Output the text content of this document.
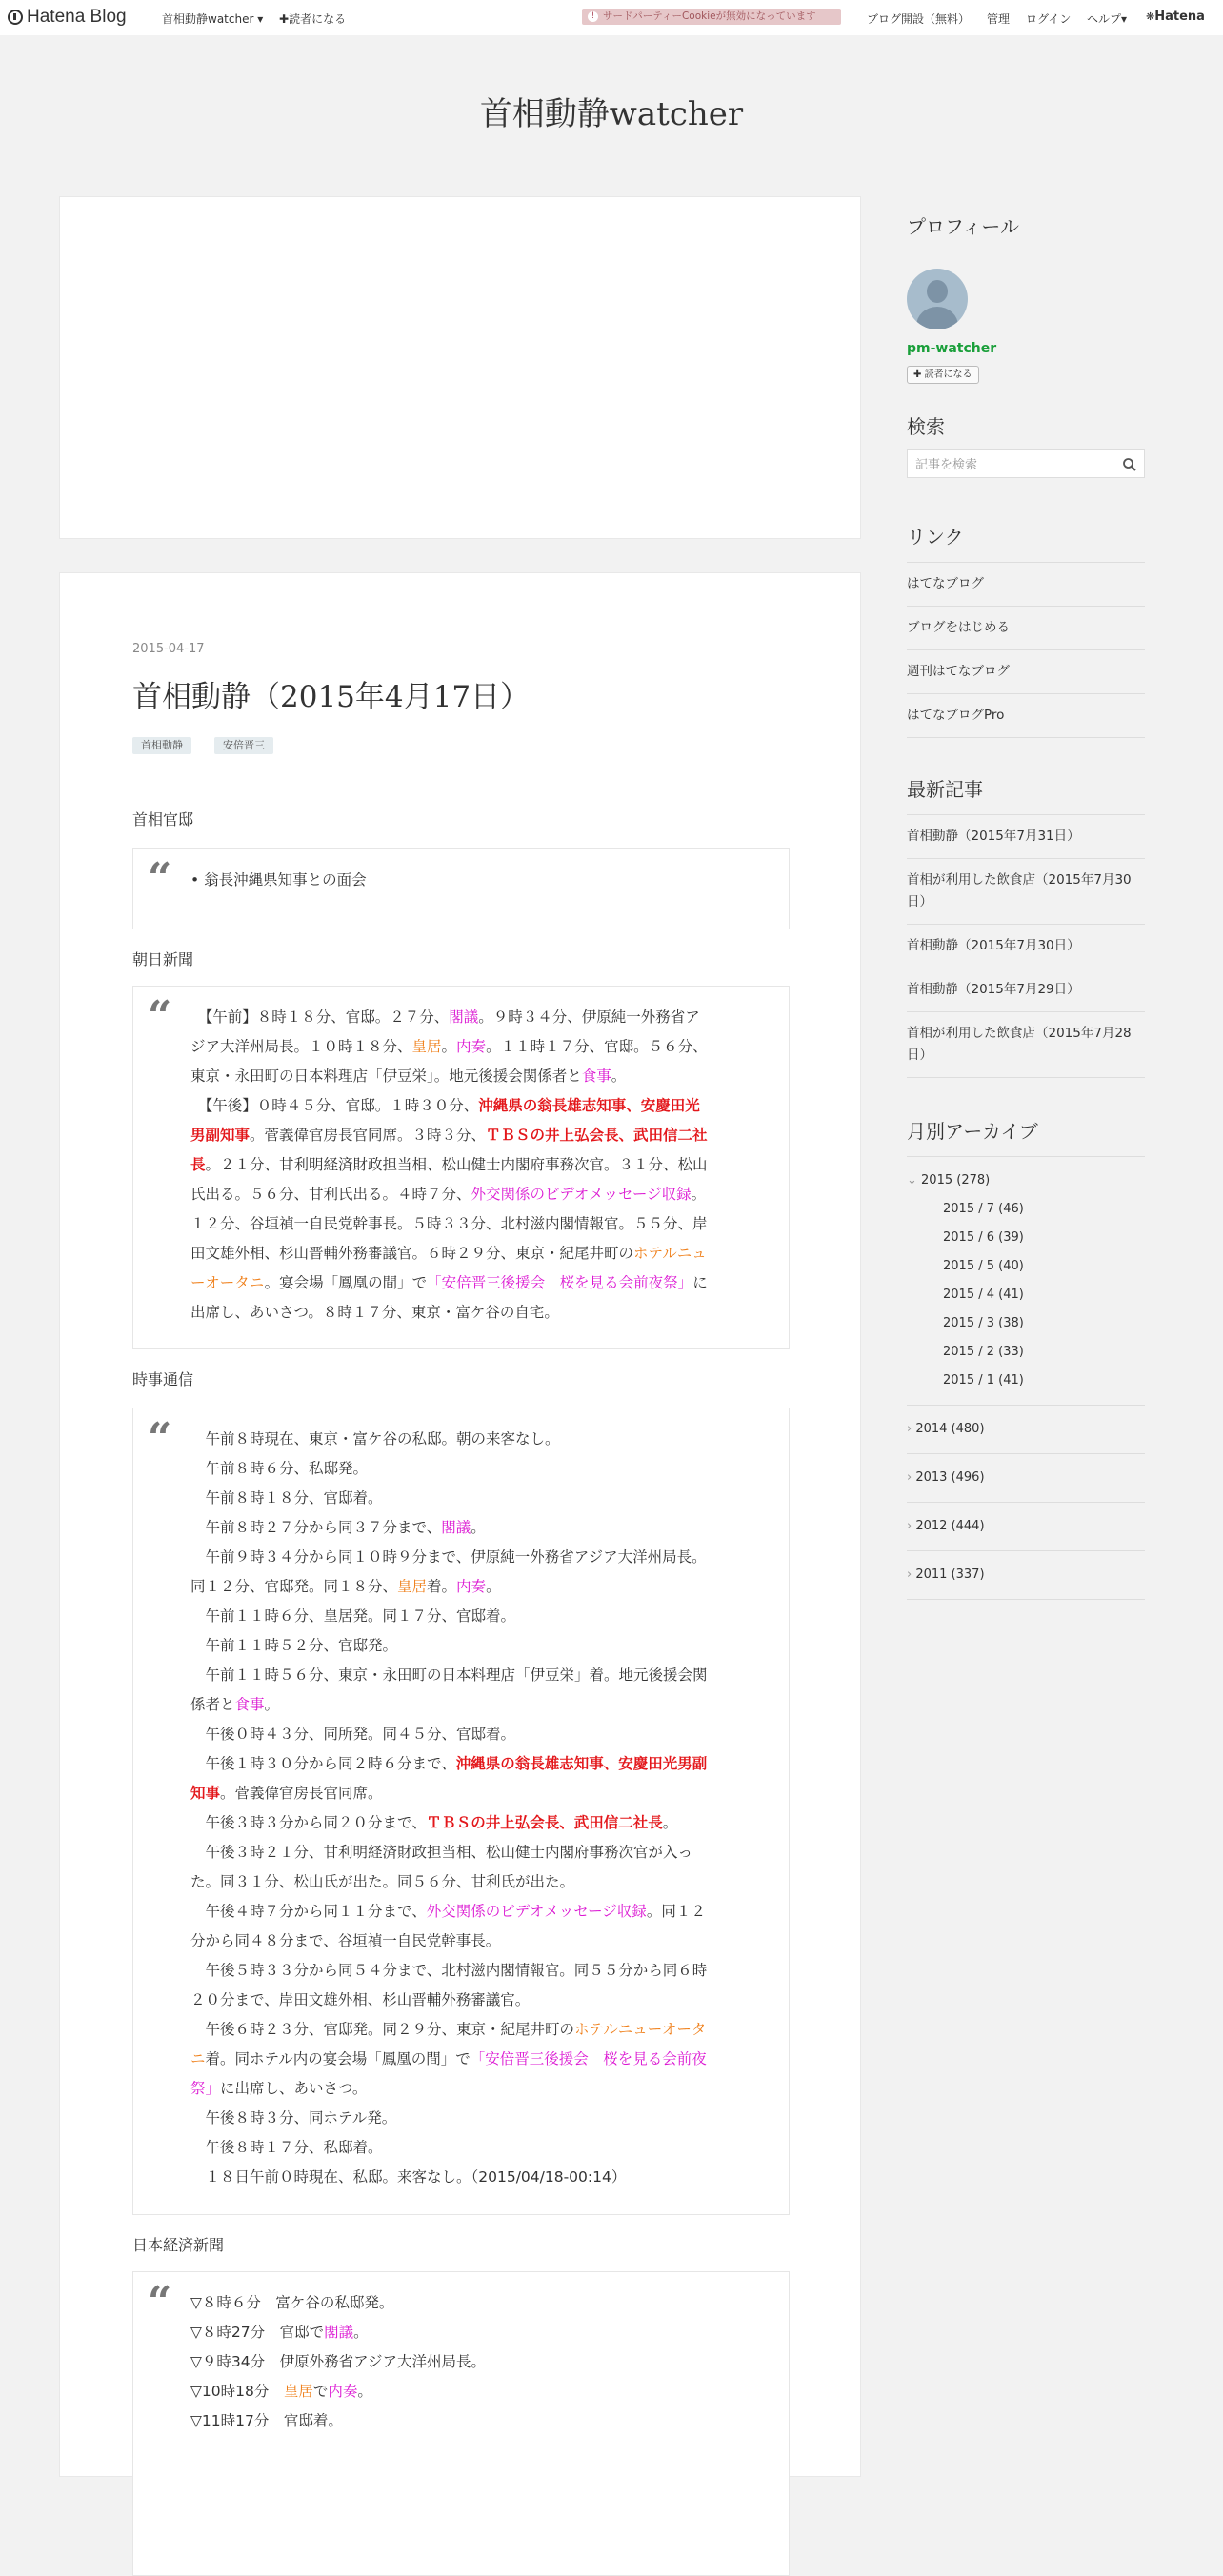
Hatena Blog	首相動静watcher ▾ ✚読者になる	! サードパーティーCookieが無効になっています	ブログ開設（無料） 管理 ログイン ヘルプ▾ ❋Hatena
首相動静watcher
2015-04-17
首相動静（2015年4月17日）
首相動静	安倍晋三
首相官邸
“ • 翁長沖縄県知事との面会
朝日新聞
“ 　【午前】８時１８分、官邸。２７分、閣議。９時３４分、伊原純一外務省ア
ジア大洋州局長。１０時１８分、皇居。内奏。１１時１７分、官邸。５６分、
東京・永田町の日本料理店「伊豆栄」。地元後援会関係者と食事。
　【午後】０時４５分、官邸。１時３０分、沖縄県の翁長雄志知事、安慶田光
男副知事。菅義偉官房長官同席。３時３分、ＴＢＳの井上弘会長、武田信二社
長。２１分、甘利明経済財政担当相、松山健士内閣府事務次官。３１分、松山
氏出る。５６分、甘利氏出る。４時７分、外交関係のビデオメッセージ収録。
１２分、谷垣禎一自民党幹事長。５時３３分、北村滋内閣情報官。５５分、岸
田文雄外相、杉山晋輔外務審議官。６時２９分、東京・紀尾井町のホテルニュ
ーオータニ。宴会場「鳳凰の間」で「安倍晋三後援会　桜を見る会前夜祭」に
出席し、あいさつ。８時１７分、東京・富ケ谷の自宅。
時事通信
“ 　午前８時現在、東京・富ケ谷の私邸。朝の来客なし。
　午前８時６分、私邸発。
　午前８時１８分、官邸着。
　午前８時２７分から同３７分まで、閣議。
　午前９時３４分から同１０時９分まで、伊原純一外務省アジア大洋州局長。
同１２分、官邸発。同１８分、皇居着。内奏。
　午前１１時６分、皇居発。同１７分、官邸着。
　午前１１時５２分、官邸発。
　午前１１時５６分、東京・永田町の日本料理店「伊豆栄」着。地元後援会関
係者と食事。
　午後０時４３分、同所発。同４５分、官邸着。
　午後１時３０分から同２時６分まで、沖縄県の翁長雄志知事、安慶田光男副
知事。菅義偉官房長官同席。
　午後３時３分から同２０分まで、ＴＢＳの井上弘会長、武田信二社長。
　午後３時２１分、甘利明経済財政担当相、松山健士内閣府事務次官が入っ
た。同３１分、松山氏が出た。同５６分、甘利氏が出た。
　午後４時７分から同１１分まで、外交関係のビデオメッセージ収録。同１２
分から同４８分まで、谷垣禎一自民党幹事長。
　午後５時３３分から同５４分まで、北村滋内閣情報官。同５５分から同６時
２０分まで、岸田文雄外相、杉山晋輔外務審議官。
　午後６時２３分、官邸発。同２９分、東京・紀尾井町のホテルニューオータ
ニ着。同ホテル内の宴会場「鳳凰の間」で「安倍晋三後援会　桜を見る会前夜
祭」に出席し、あいさつ。
　午後８時３分、同ホテル発。
　午後８時１７分、私邸着。
　１８日午前０時現在、私邸。来客なし。（2015/04/18-00:14）
日本経済新聞
“ ▽８時６分　富ケ谷の私邸発。
▽８時27分　官邸で閣議。
▽９時34分　伊原外務省アジア大洋州局長。
▽10時18分　皇居で内奏。
▽11時17分　官邸着。
プロフィール
pm-watcher
✚ 読者になる
検索
記事を検索
リンク
はてなブログ
ブログをはじめる
週刊はてなブログ
はてなブログPro
最新記事
首相動静（2015年7月31日）
首相が利用した飲食店（2015年7月30日）
首相動静（2015年7月30日）
首相動静（2015年7月29日）
首相が利用した飲食店（2015年7月28日）
月別アーカイブ
⌄ 2015 (278)
2015 / 7 (46)
2015 / 6 (39)
2015 / 5 (40)
2015 / 4 (41)
2015 / 3 (38)
2015 / 2 (33)
2015 / 1 (41)
› 2014 (480)
› 2013 (496)
› 2012 (444)
› 2011 (337)
